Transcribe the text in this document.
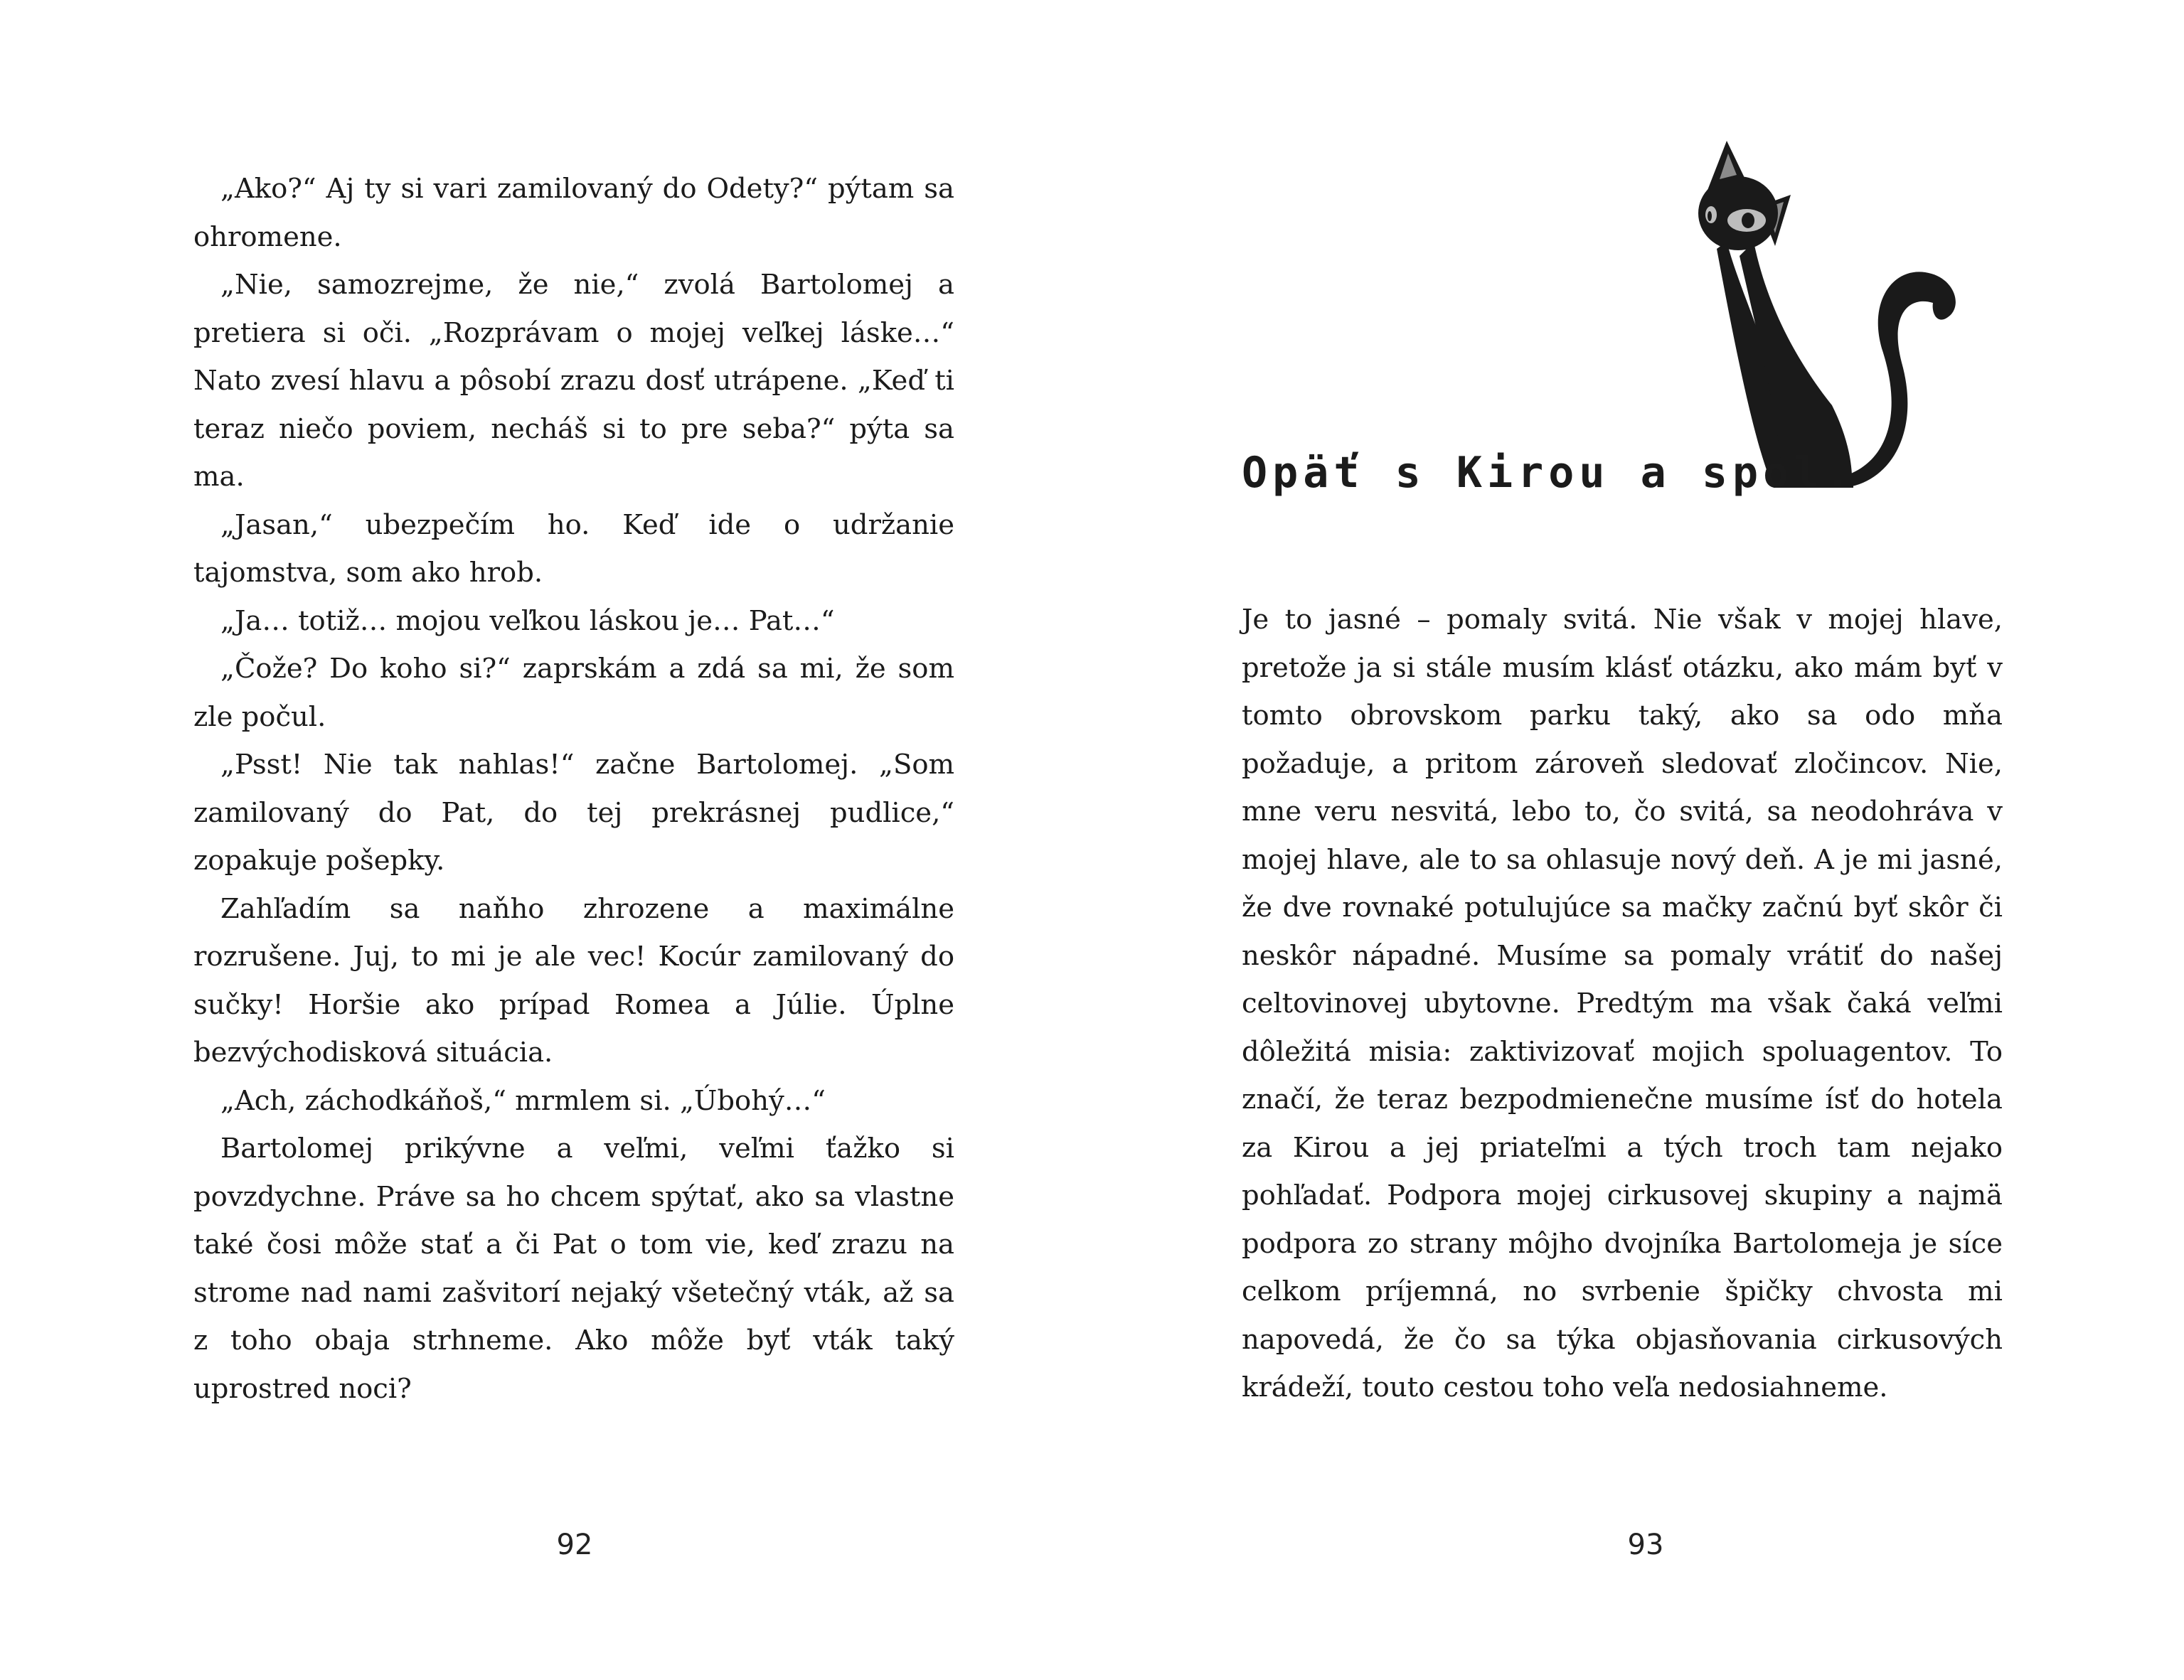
„Ako?“ Aj ty si vari zamilovaný do Odety?“ pýtam sa ohromene.

„Nie, samozrejme, že nie,“ zvolá Bartolomej a pretiera si oči. „Rozprávam o mojej veľkej láske…“ Nato zvesí hlavu a pôsobí zrazu dosť utrápene. „Keď ti teraz niečo poviem, necháš si to pre seba?“ pýta sa ma.

„Jasan,“ ubezpečím ho. Keď ide o udržanie tajomstva, som ako hrob.

„Ja… totiž… mojou veľkou láskou je… Pat…“

„Čože? Do koho si?“ zaprskám a zdá sa mi, že som zle počul.

„Psst! Nie tak nahlas!“ začne Bartolomej. „Som zamilovaný do Pat, do tej prekrásnej pudlice,“ zopakuje pošepky.

Zahľadím sa naňho zhrozene a maximálne rozrušene. Juj, to mi je ale vec! Kocúr zamilovaný do sučky! Horšie ako prípad Romea a Júlie. Úplne bezvýchodisková situácia.

„Ach, záchodkáňoš,“ mrmlem si. „Úbohý…“

Bartolomej prikývne a veľmi, veľmi ťažko si povzdychne. Práve sa ho chcem spýtať, ako sa vlastne také čosi môže stať a či Pat o tom vie, keď zrazu na strome nad nami zašvitorí nejaký všetečný vták, až sa z toho obaja strhneme. Ako môže byť vták taký uprostred noci?

92
Opäť s Kirou a spol.

Je to jasné – pomaly svitá. Nie však v mojej hlave, pretože ja si stále musím klásť otázku, ako mám byť v tomto obrovskom parku taký, ako sa odo mňa požaduje, a pritom zároveň sledovať zločincov. Nie, mne veru nesvitá, lebo to, čo svitá, sa neodohráva v mojej hlave, ale to sa ohlasuje nový deň. A je mi jasné, že dve rovnaké potulujúce sa mačky začnú byť skôr či neskôr nápadné. Musíme sa pomaly vrátiť do našej celtovinovej ubytovne. Predtým ma však čaká veľmi dôležitá misia: zaktivizovať mojich spoluagentov. To značí, že teraz bezpodmienečne musíme ísť do hotela za Kirou a jej priateľmi a tých troch tam nejako pohľadať. Podpora mojej cirkusovej skupiny a najmä podpora zo strany môjho dvojníka Bartolomeja je síce celkom príjemná, no svrbenie špičky chvosta mi napovedá, že čo sa týka objasňovania cirkusových krádeží, touto cestou toho veľa nedosiahneme.

93
